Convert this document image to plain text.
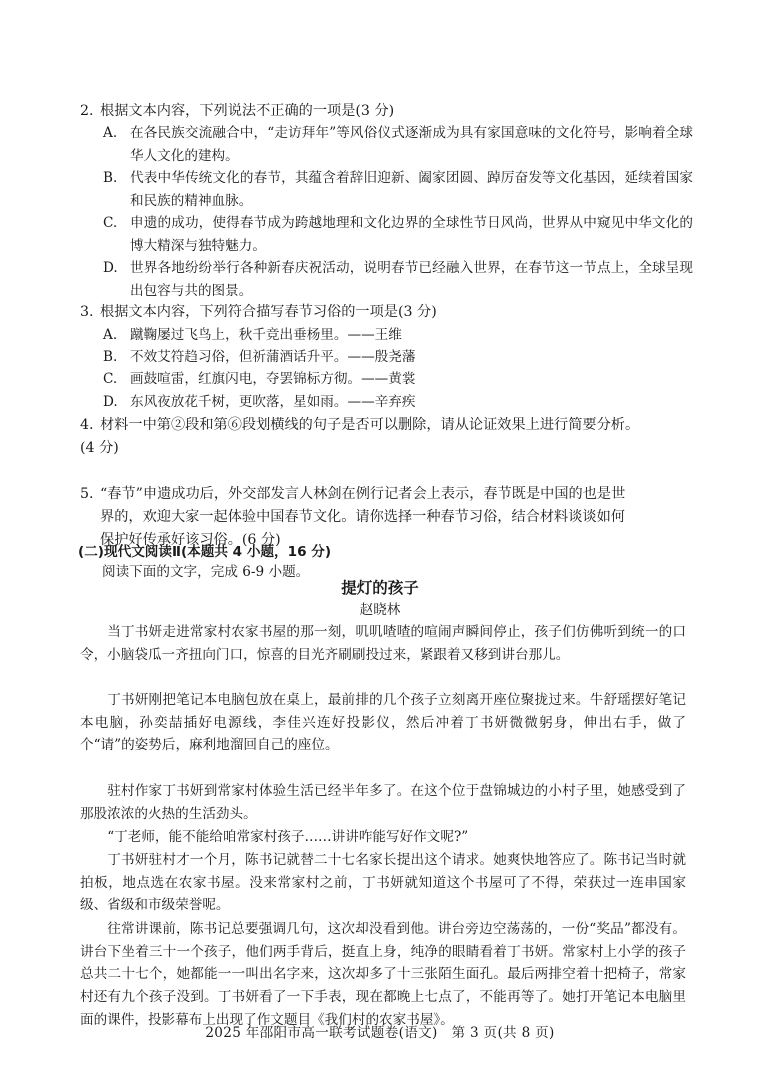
2. 根据文本内容，下列说法不正确的一项是(3 分)
A. 在各民族交流融合中，“走访拜年”等风俗仪式逐渐成为具有家国意味的文化符号，影响着全球华人文化的建构。
B. 代表中华传统文化的春节，其蕴含着辞旧迎新、阖家团圆、踔厉奋发等文化基因，延续着国家和民族的精神血脉。
C. 申遗的成功，使得春节成为跨越地理和文化边界的全球性节日风尚，世界从中窥见中华文化的博大精深与独特魅力。
D. 世界各地纷纷举行各种新春庆祝活动，说明春节已经融入世界，在春节这一节点上，全球呈现出包容与共的图景。
3. 根据文本内容，下列符合描写春节习俗的一项是(3 分)
A. 蹴鞠屡过飞鸟上，秋千竞出垂杨里。——王维
B. 不效艾符趋习俗，但祈蒲酒话升平。——殷尧藩
C. 画鼓喧雷，红旗闪电，夺罢锦标方彻。——黄裳
D. 东风夜放花千树，更吹落，星如雨。——辛弃疾
4. 材料一中第②段和第⑥段划横线的句子是否可以删除，请从论证效果上进行简要分析。
(4 分)
5. “春节”申遗成功后，外交部发言人林剑在例行记者会上表示，春节既是中国的也是世
界的，欢迎大家一起体验中国春节文化。请你选择一种春节习俗，结合材料谈谈如何
保护好传承好该习俗。(6 分)
(二)现代文阅读Ⅱ(本题共 4 小题，16 分)
阅读下面的文字，完成 6-9 小题。
提灯的孩子
赵晓林
当丁书妍走进常家村农家书屋的那一刻，叽叽喳喳的喧闹声瞬间停止，孩子们仿佛听到统一的口令，小脑袋瓜一齐扭向门口，惊喜的目光齐刷刷投过来，紧跟着又移到讲台那儿。
丁书妍刚把笔记本电脑包放在桌上，最前排的几个孩子立刻离开座位聚拢过来。牛舒瑶摆好笔记本电脑，孙奕喆插好电源线，李佳兴连好投影仪，然后冲着丁书妍微微躬身，伸出右手，做了个“请”的姿势后，麻利地溜回自己的座位。
驻村作家丁书妍到常家村体验生活已经半年多了。在这个位于盘锦城边的小村子里，她感受到了那股浓浓的火热的生活劲头。
“丁老师，能不能给咱常家村孩子……讲讲咋能写好作文呢?”
丁书妍驻村才一个月，陈书记就替二十七名家长提出这个请求。她爽快地答应了。陈书记当时就拍板，地点选在农家书屋。没来常家村之前，丁书妍就知道这个书屋可了不得，荣获过一连串国家级、省级和市级荣誉呢。
往常讲课前，陈书记总要强调几句，这次却没看到他。讲台旁边空荡荡的，一份“奖品”都没有。讲台下坐着三十一个孩子，他们两手背后，挺直上身，纯净的眼睛看着丁书妍。常家村上小学的孩子总共二十七个，她都能一一叫出名字来，这次却多了十三张陌生面孔。最后两排空着十把椅子，常家村还有九个孩子没到。丁书妍看了一下手表，现在都晚上七点了，不能再等了。她打开笔记本电脑里面的课件，投影幕布上出现了作文题目《我们村的农家书屋》。
2025 年邵阳市高一联考试题卷(语文)　第 3 页(共 8 页)
